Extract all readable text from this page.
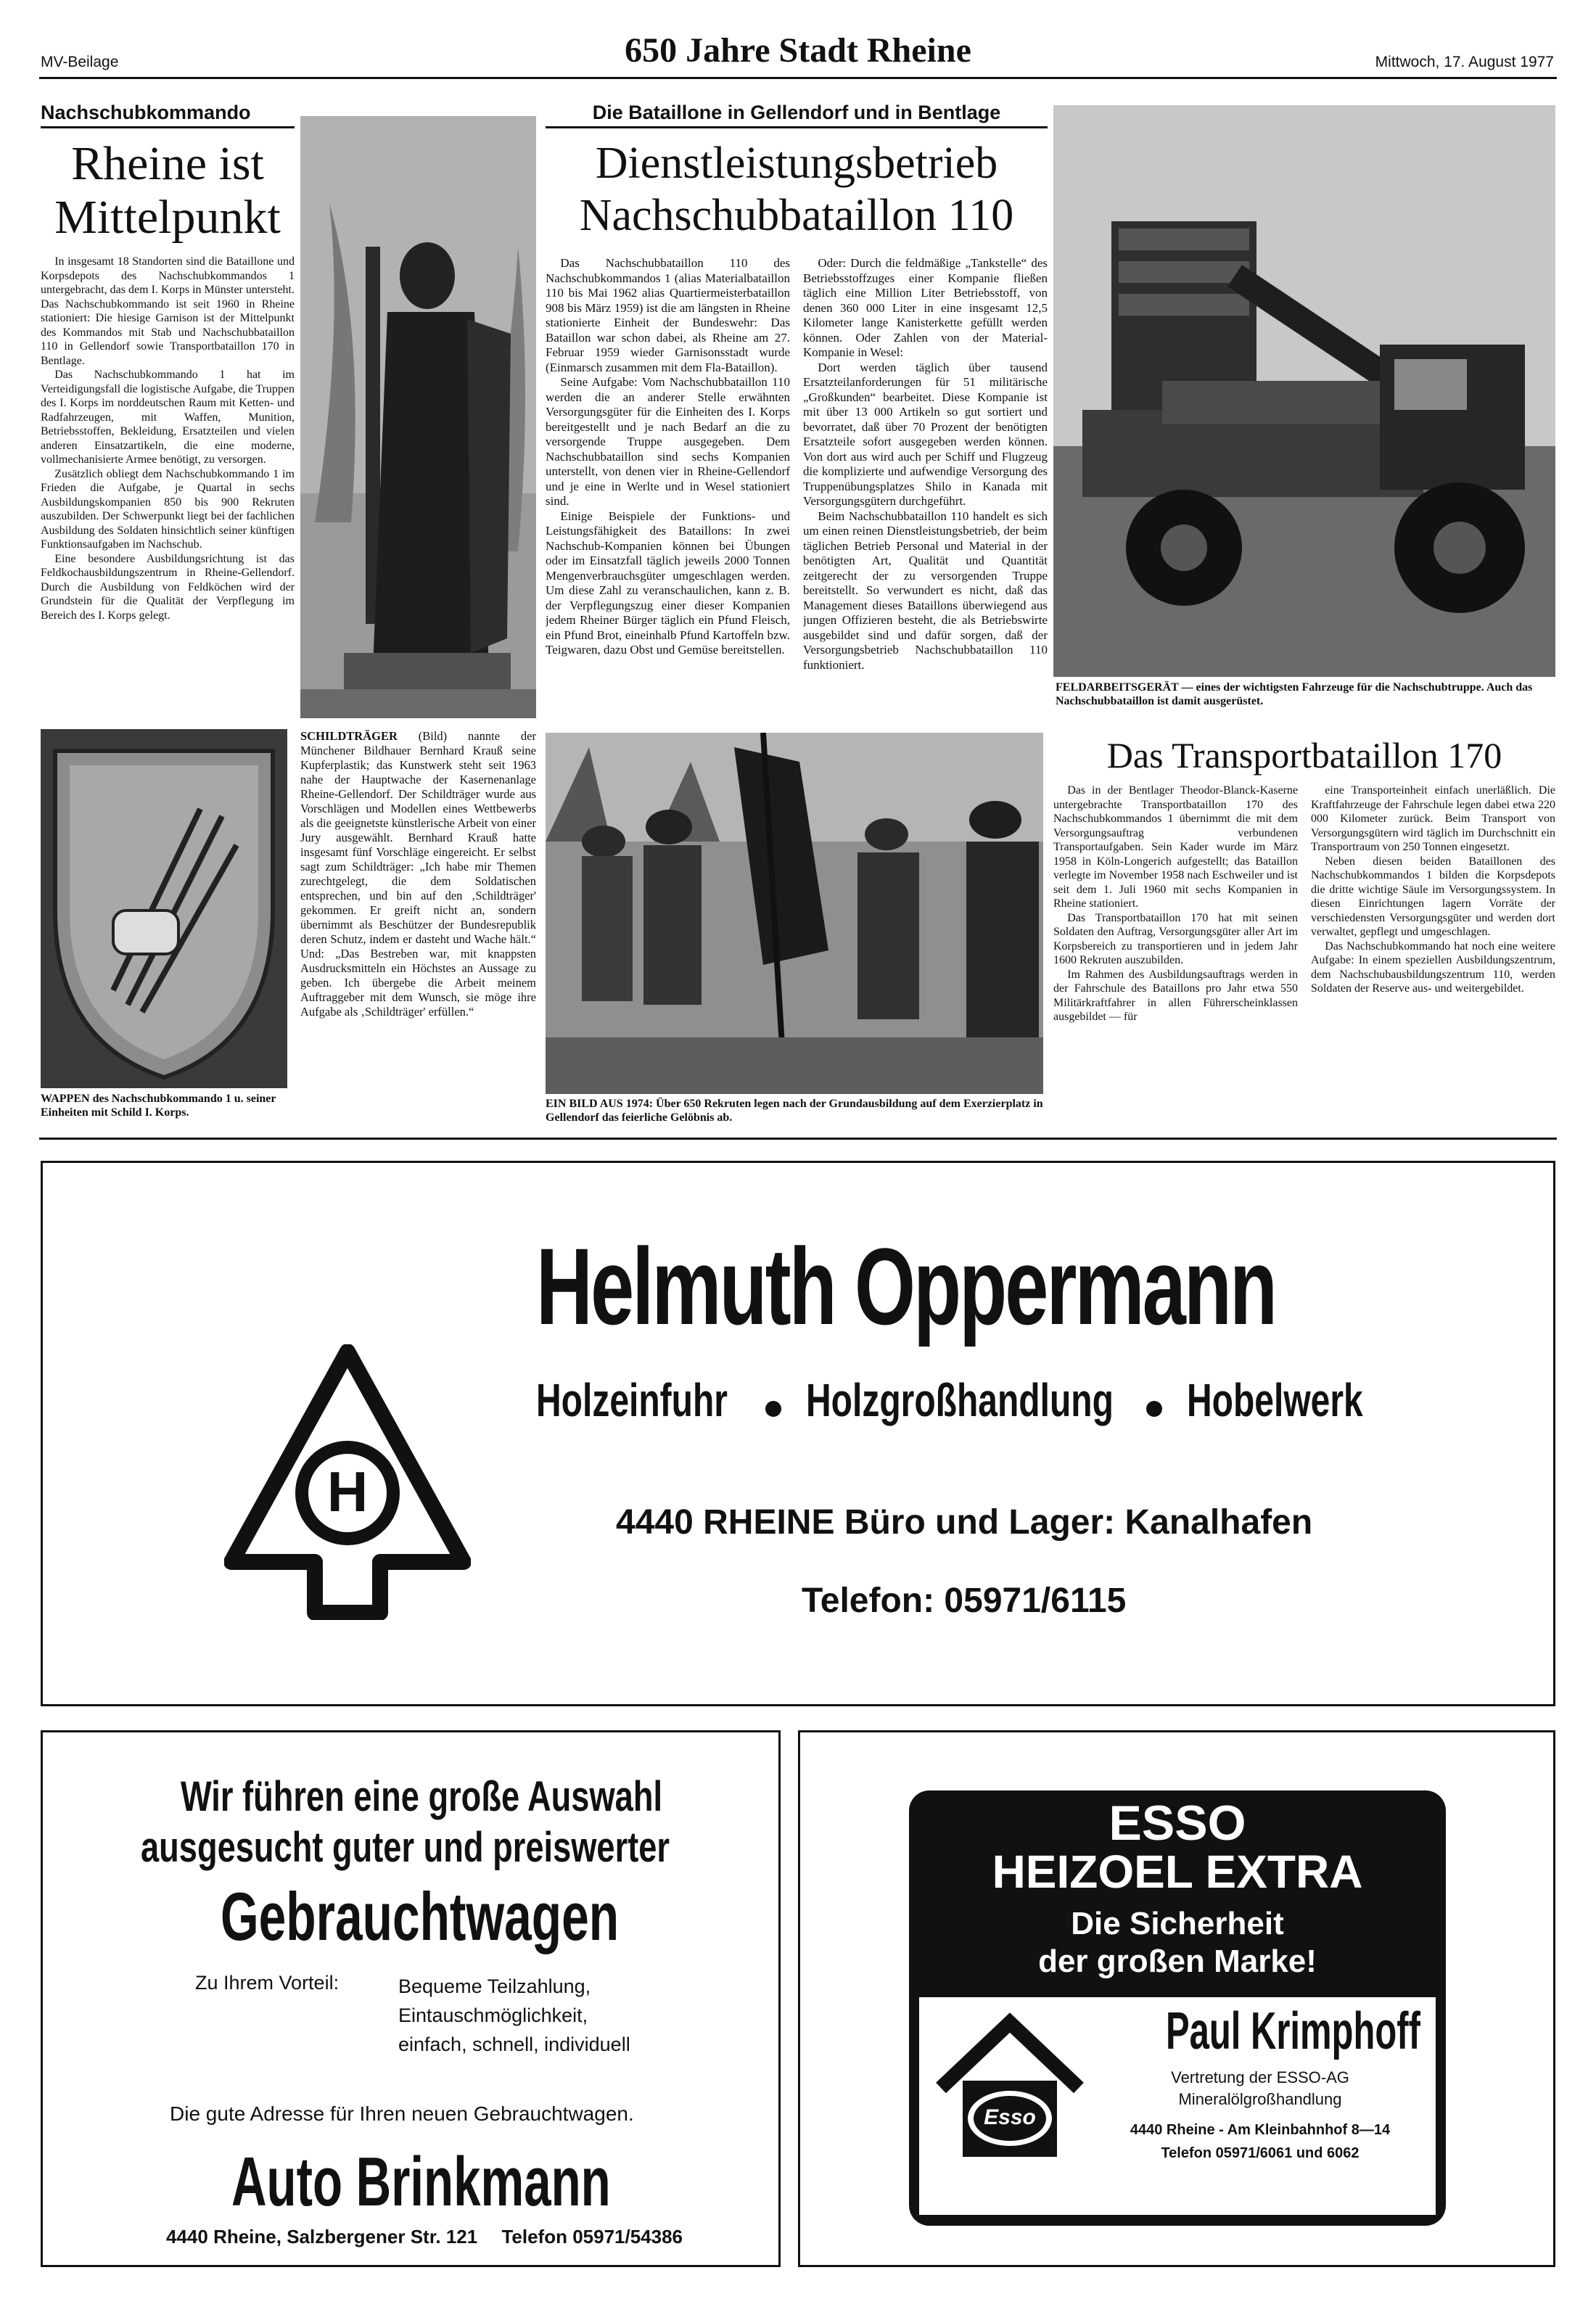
MV-Beilage	650 Jahre Stadt Rheine	Mittwoch, 17. August 1977
Nachschubkommando
Rheine ist Mittelpunkt

In insgesamt 18 Standorten sind die Bataillone und Korpsdepots des Nachschubkommandos 1 untergebracht, das dem I. Korps in Münster untersteht. Das Nachschubkommando ist seit 1960 in Rheine stationiert: Die hiesige Garnison ist der Mittelpunkt des Kommandos mit Stab und Nachschubbataillon 110 in Gellendorf sowie Transportbataillon 170 in Bentlage.

Das Nachschubkommando 1 hat im Verteidigungsfall die logistische Aufgabe, die Truppen des I. Korps im norddeutschen Raum mit Ketten- und Radfahrzeugen, mit Waffen, Munition, Betriebsstoffen, Bekleidung, Ersatzteilen und vielen anderen Einsatzartikeln, die eine moderne, vollmechanisierte Armee benötigt, zu versorgen.

Zusätzlich obliegt dem Nachschubkommando 1 im Frieden die Aufgabe, je Quartal in sechs Ausbildungskompanien 850 bis 900 Rekruten auszubilden. Der Schwerpunkt liegt bei der fachlichen Ausbildung des Soldaten hinsichtlich seiner künftigen Funktionsaufgaben im Nachschub.

Eine besondere Ausbildungsrichtung ist das Feldkochausbildungszentrum in Rheine-Gellendorf. Durch die Ausbildung von Feldköchen wird der Grundstein für die Qualität der Verpflegung im Bereich des I. Korps gelegt.

WAPPEN des Nachschubkommando 1 u. seiner Einheiten mit Schild I. Korps.
SCHILDTRÄGER (Bild) nannte der Münchener Bildhauer Bernhard Krauß seine Kupferplastik; das Kunstwerk steht seit 1963 nahe der Hauptwache der Kasernenanlage Rheine-Gellendorf. Der Schildträger wurde aus Vorschlägen und Modellen eines Wettbewerbs als die geeignetste künstlerische Arbeit von einer Jury ausgewählt. Bernhard Krauß hatte insgesamt fünf Vorschläge eingereicht. Er selbst sagt zum Schildträger: „Ich habe mir Themen zurechtgelegt, die dem Soldatischen entsprechen, und bin auf den ‚Schildträger' gekommen. Er greift nicht an, sondern übernimmt als Beschützer der Bundesrepublik deren Schutz, indem er dasteht und Wache hält.“ Und: „Das Bestreben war, mit knappsten Ausdrucksmitteln ein Höchstes an Aussage zu geben. Ich übergebe die Arbeit meinem Auftraggeber mit dem Wunsch, sie möge ihre Aufgabe als ‚Schildträger' erfüllen.“
Die Bataillone in Gellendorf und in Bentlage
Dienstleistungsbetrieb Nachschubbataillon 110

Das Nachschubbataillon 110 des Nachschubkommandos 1 (alias Materialbataillon 110 bis Mai 1962 alias Quartiermeisterbataillon 908 bis März 1959) ist die am längsten in Rheine stationierte Einheit der Bundeswehr: Das Bataillon war schon dabei, als Rheine am 27. Februar 1959 wieder Garnisonsstadt wurde (Einmarsch zusammen mit dem Fla-Bataillon).

Seine Aufgabe: Vom Nachschubbataillon 110 werden die an anderer Stelle erwähnten Versorgungsgüter für die Einheiten des I. Korps bereitgestellt und je nach Bedarf an die zu versorgende Truppe ausgegeben. Dem Nachschubbataillon sind sechs Kompanien unterstellt, von denen vier in Rheine-Gellendorf und je eine in Werlte und in Wesel stationiert sind.

Einige Beispiele der Funktions- und Leistungsfähigkeit des Bataillons: In zwei Nachschub-Kompanien können bei Übungen oder im Einsatzfall täglich jeweils 2000 Tonnen Mengenverbrauchsgüter umgeschlagen werden. Um diese Zahl zu veranschaulichen, kann z. B. der Verpflegungszug einer dieser Kompanien jedem Rheiner Bürger täglich ein Pfund Fleisch, ein Pfund Brot, eineinhalb Pfund Kartoffeln bzw. Teigwaren, dazu Obst und Gemüse bereitstellen.

Oder: Durch die feldmäßige „Tankstelle“ des Betriebsstoffzuges einer Kompanie fließen täglich eine Million Liter Betriebsstoff, von denen 360 000 Liter in eine insgesamt 12,5 Kilometer lange Kanisterkette gefüllt werden können. Oder Zahlen von der Material-Kompanie in Wesel:

Dort werden täglich über tausend Ersatzteilanforderungen für 51 militärische „Großkunden“ bearbeitet. Diese Kompanie ist mit über 13 000 Artikeln so gut sortiert und bevorratet, daß über 70 Prozent der benötigten Ersatzteile sofort ausgegeben werden können. Von dort aus wird auch per Schiff und Flugzeug die komplizierte und aufwendige Versorgung des Truppenübungsplatzes Shilo in Kanada mit Versorgungsgütern durchgeführt.

Beim Nachschubbataillon 110 handelt es sich um einen reinen Dienstleistungsbetrieb, der beim täglichen Betrieb Personal und Material in der benötigten Art, Qualität und Quantität zeitgerecht der zu versorgenden Truppe bereitstellt. So verwundert es nicht, daß das Management dieses Bataillons überwiegend aus jungen Offizieren besteht, die als Betriebswirte ausgebildet sind und dafür sorgen, daß der Versorgungsbetrieb Nachschubbataillon 110 funktioniert.

FELDARBEITSGERÄT — eines der wichtigsten Fahrzeuge für die Nachschubtruppe. Auch das Nachschubbataillon ist damit ausgerüstet.
EIN BILD AUS 1974: Über 650 Rekruten legen nach der Grundausbildung auf dem Exerzierplatz in Gellendorf das feierliche Gelöbnis ab.
Das Transportbataillon 170

Das in der Bentlager Theodor-Blanck-Kaserne untergebrachte Transportbataillon 170 des Nachschubkommandos 1 übernimmt die mit dem Versorgungsauftrag verbundenen Transportaufgaben. Sein Kader wurde im März 1958 in Köln-Longerich aufgestellt; das Bataillon verlegte im November 1958 nach Eschweiler und ist seit dem 1. Juli 1960 mit sechs Kompanien in Rheine stationiert.

Das Transportbataillon 170 hat mit seinen Soldaten den Auftrag, Versorgungsgüter aller Art im Korpsbereich zu transportieren und in jedem Jahr 1600 Rekruten auszubilden.

Im Rahmen des Ausbildungsauftrags werden in der Fahrschule des Bataillons pro Jahr etwa 550 Militärkraftfahrer in allen Führerscheinklassen ausgebildet — für

eine Transporteinheit einfach unerläßlich. Die Kraftfahrzeuge der Fahrschule legen dabei etwa 220 000 Kilometer zurück. Beim Transport von Versorgungsgütern wird täglich im Durchschnitt ein Transportraum von 250 Tonnen eingesetzt.

Neben diesen beiden Bataillonen des Nachschubkommandos 1 bilden die Korpsdepots die dritte wichtige Säule im Versorgungssystem. In diesen Einrichtungen lagern Vorräte der verschiedensten Versorgungsgüter und werden dort verwaltet, gepflegt und umgeschlagen.

Das Nachschubkommando hat noch eine weitere Aufgabe: In einem speziellen Ausbildungszentrum, dem Nachschubausbildungszentrum 110, werden Soldaten der Reserve aus- und weitergebildet.

Helmuth Oppermann
Holzeinfuhr Holzgroßhandlung Hobelwerk
4440 RHEINE Büro und Lager: Kanalhafen
Telefon: 05971/6115
H
Wir führen eine große Auswahl
ausgesucht guter und preiswerter
Gebrauchtwagen
Zu Ihrem Vorteil:	Bequeme Teilzahlung,
Eintauschmöglichkeit,
einfach, schnell, individuell
Die gute Adresse für Ihren neuen Gebrauchtwagen.
Auto Brinkmann
4440 Rheine, Salzbergener Str. 121 Telefon 05971/54386
ESSO
HEIZOEL EXTRA
Die Sicherheit
der großen Marke!
Esso
Paul Krimphoff
Vertretung der ESSO-AG
Mineralölgroßhandlung
4440 Rheine - Am Kleinbahnhof 8—14
Telefon 05971/6061 und 6062
